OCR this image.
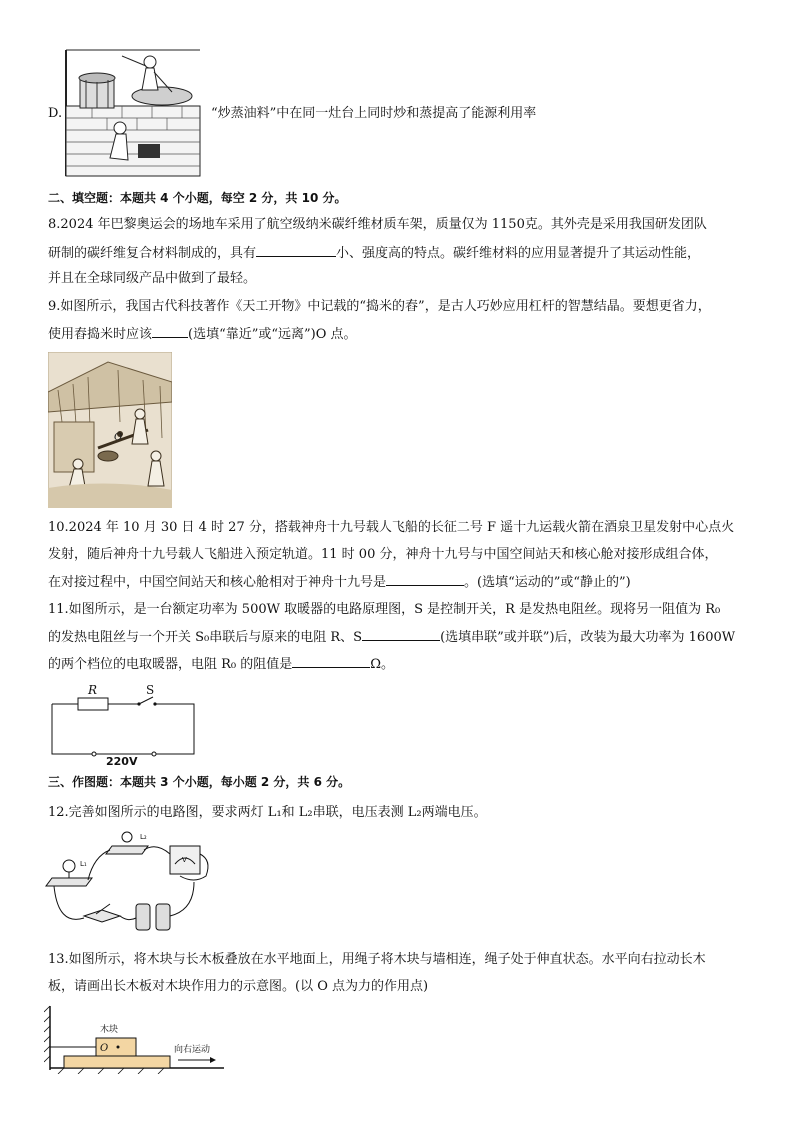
D.	“炒蒸油料”中在同一灶台上同时炒和蒸提高了能源利用率
二、填空题：本题共 4 个小题，每空 2 分，共 10 分。
8.2024 年巴黎奥运会的场地车采用了航空级纳米碳纤维材质车架，质量仅为 1150克。其外壳是采用我国研发团队
研制的碳纤维复合材料制成的，具有	小、强度高的特点。碳纤维材料的应用显著提升了其运动性能，
并且在全球同级产品中做到了最轻。
9.如图所示，我国古代科技著作《天工开物》中记载的“捣米的舂”，是古人巧妙应用杠杆的智慧结晶。要想更省力，
使用舂捣米时应该	(选填“靠近”或“远离”)O 点。
O
10.2024 年 10 月 30 日 4 时 27 分，搭载神舟十九号载人飞船的长征二号 F 遥十九运载火箭在酒泉卫星发射中心点火
发射，随后神舟十九号载人飞船进入预定轨道。11 时 00 分，神舟十九号与中国空间站天和核心舱对接形成组合体，
在对接过程中，中国空间站天和核心舱相对于神舟十九号是	。(选填“运动的”或“静止的”)
11.如图所示，是一台额定功率为 500W 取暖器的电路原理图，S 是控制开关，R 是发热电阻丝。现将另一阻值为 R₀
的发热电阻丝与一个开关 S₀串联后与原来的电阻 R、S	(选填串联”或并联”)后，改装为最大功率为 1600W
的两个档位的电取暖器，电阻 R₀ 的阻值是	Ω。
R	S
220V
三、作图题：本题共 3 个小题，每小题 2 分，共 6 分。
12.完善如图所示的电路图，要求两灯 L₁和 L₂串联，电压表测 L₂两端电压。
L₁
L₂
V
13.如图所示，将木块与长木板叠放在水平地面上，用绳子将木块与墙相连，绳子处于伸直状态。水平向右拉动长木
板，请画出长木板对木块作用力的示意图。(以 O 点为力的作用点)
O
木块
向右运动
